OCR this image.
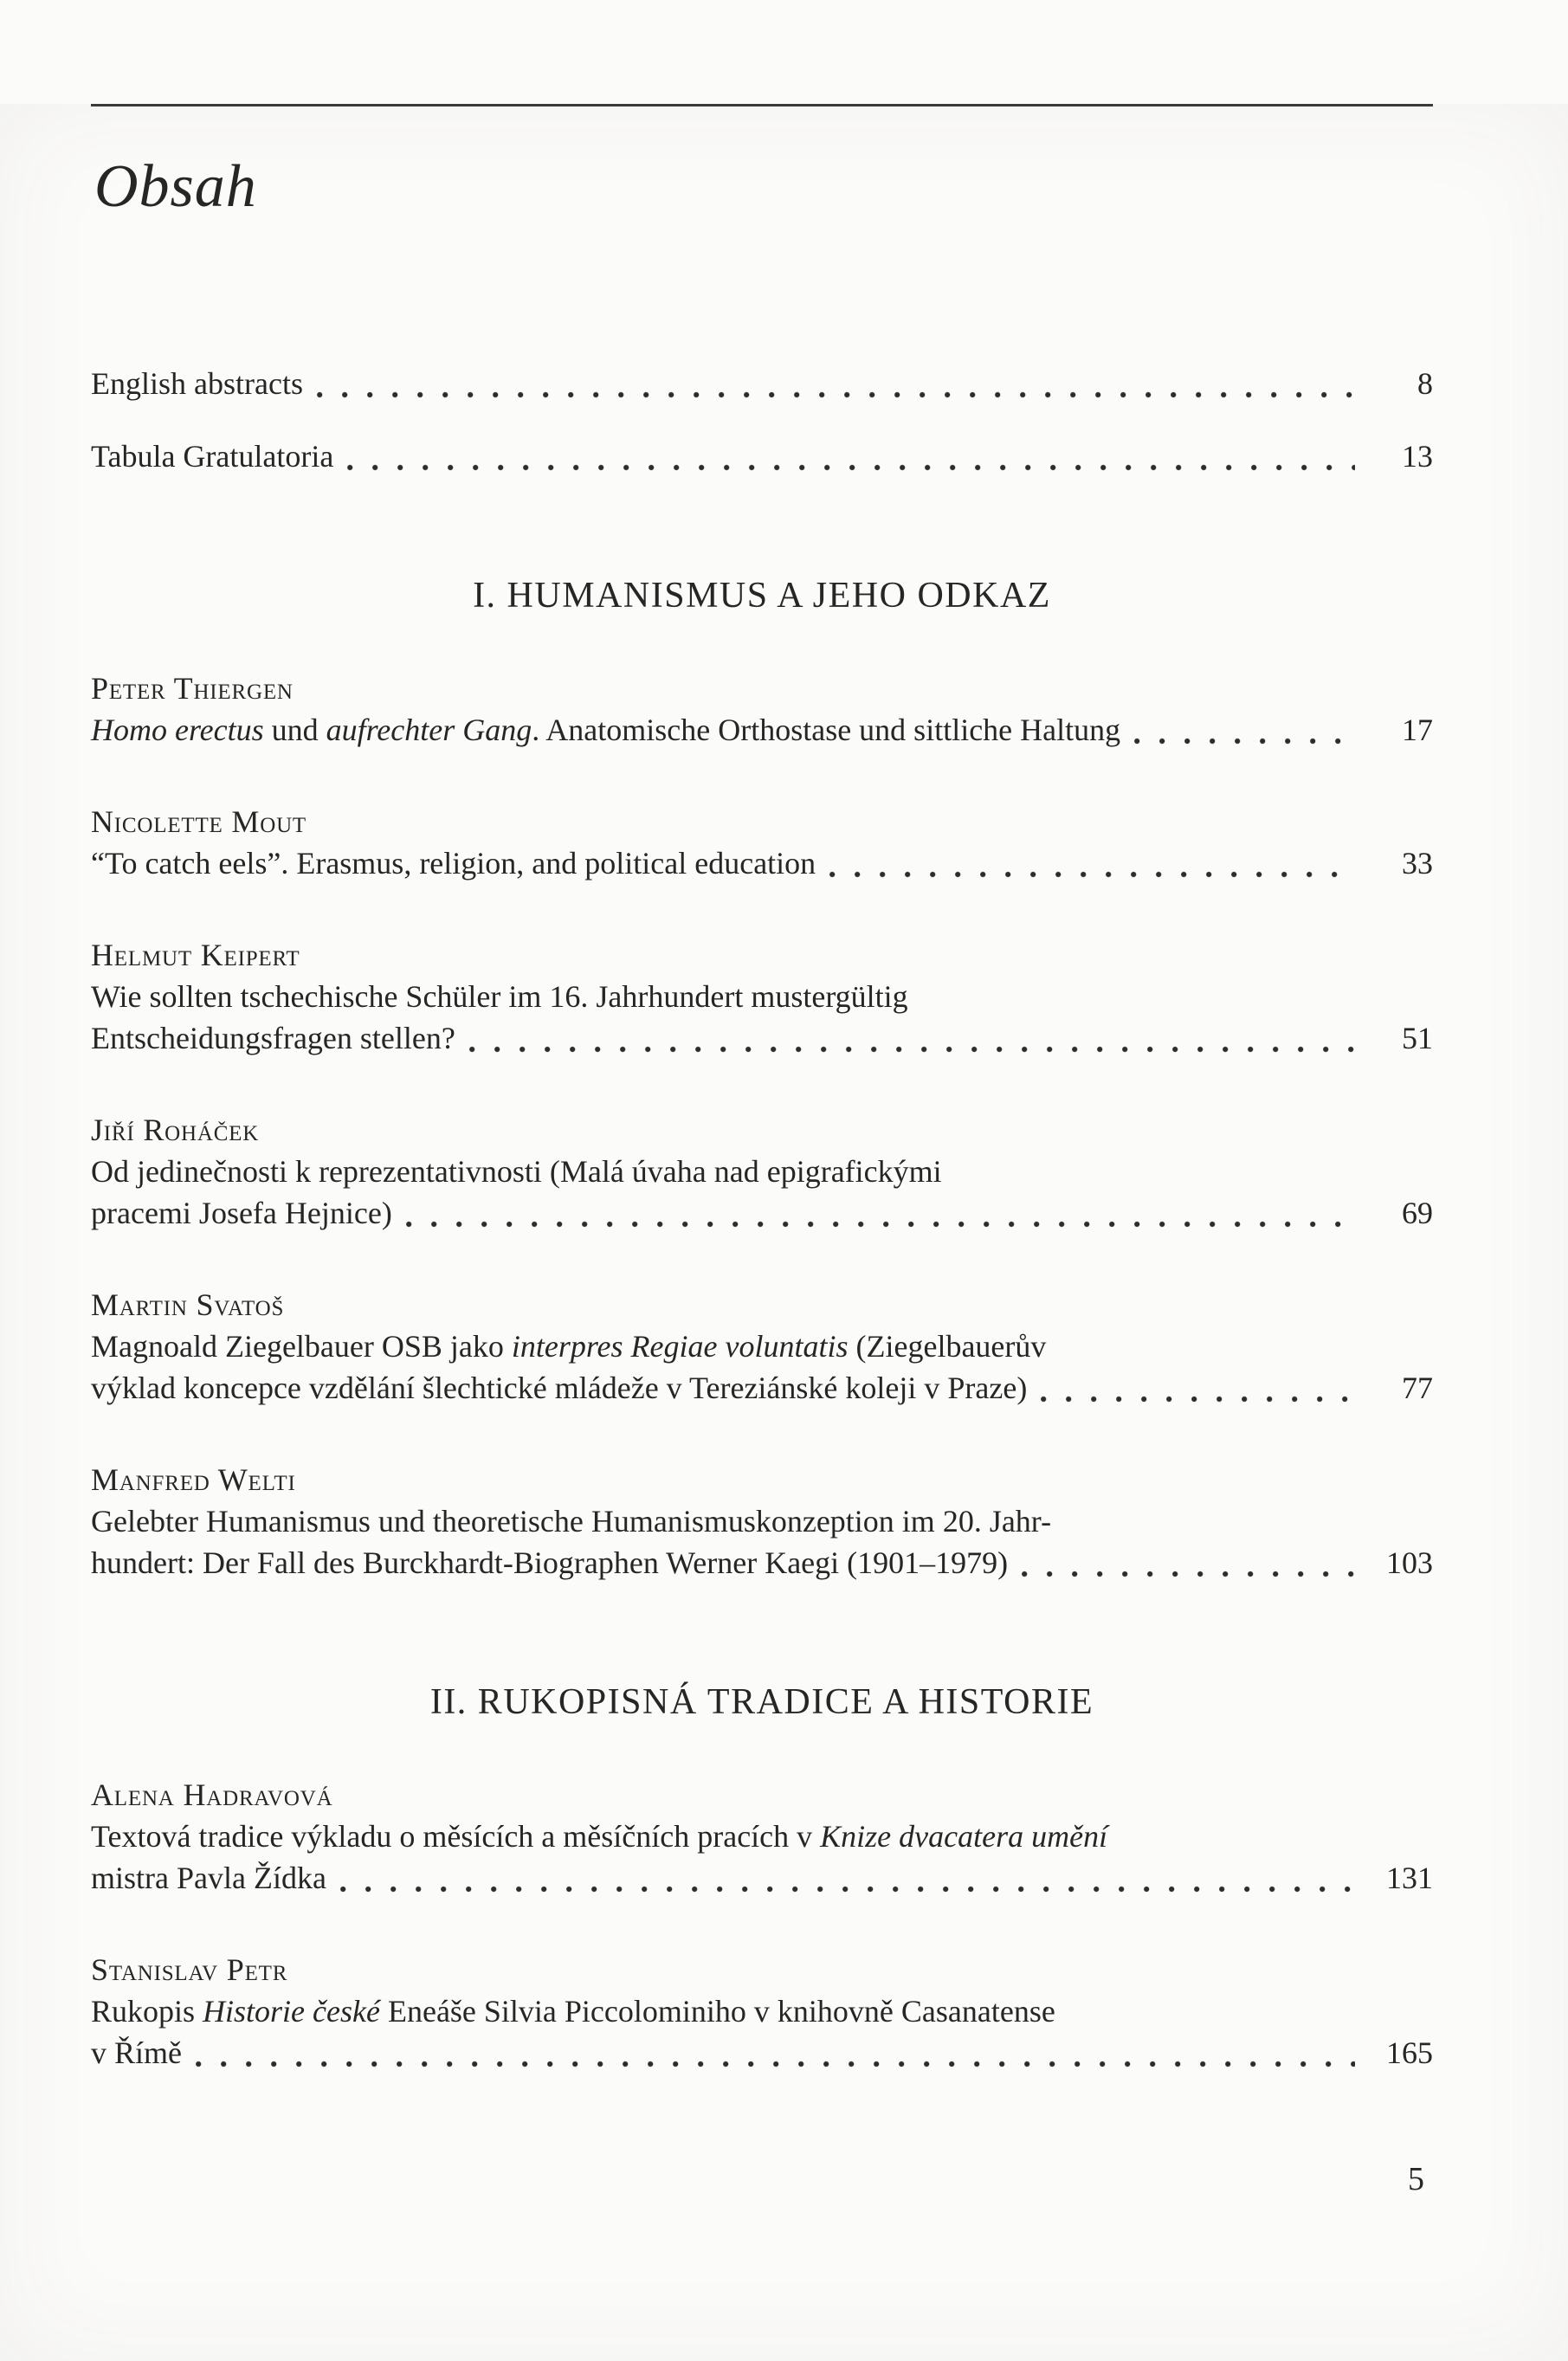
Obsah
English abstracts	8
Tabula Gratulatoria	13
I. HUMANISMUS A JEHO ODKAZ
Peter Thiergen
Homo erectus und aufrechter Gang. Anatomische Orthostase und sittliche Haltung	17
Nicolette Mout
“To catch eels”. Erasmus, religion, and political education	33
Helmut Keipert
Wie sollten tschechische Schüler im 16. Jahrhundert mustergültig
Entscheidungsfragen stellen?	51
Jiří Roháček
Od jedinečnosti k reprezentativnosti (Malá úvaha nad epigrafickými
pracemi Josefa Hejnice)	69
Martin Svatoš
Magnoald Ziegelbauer OSB jako interpres Regiae voluntatis (Ziegelbauerův
výklad koncepce vzdělání šlechtické mládeže v Tereziánské koleji v Praze)	77
Manfred Welti
Gelebter Humanismus und theoretische Humanismuskonzeption im 20. Jahr-
hundert: Der Fall des Burckhardt-Biographen Werner Kaegi (1901–1979)	103
II. RUKOPISNÁ TRADICE A HISTORIE
Alena Hadravová
Textová tradice výkladu o měsících a měsíčních pracích v Knize dvacatera umění
mistra Pavla Žídka	131
Stanislav Petr
Rukopis Historie české Eneáše Silvia Piccolominiho v knihovně Casanatense
v Římě	165
5
